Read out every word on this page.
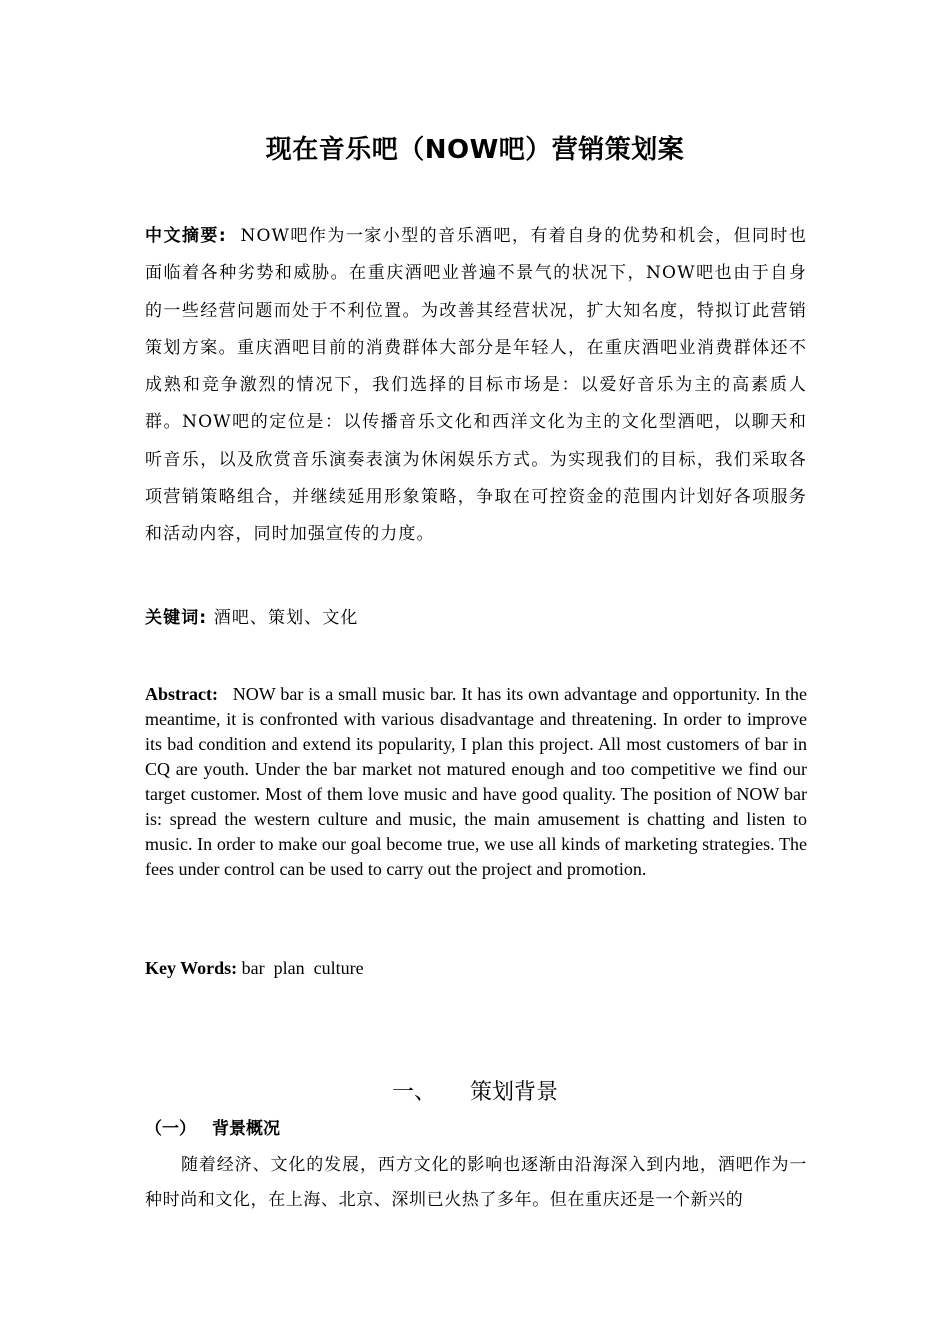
现在音乐吧（NOW吧）营销策划案
中文摘要: NOW吧作为一家小型的音乐酒吧，有着自身的优势和机会，但同时也面临着各种劣势和威胁。在重庆酒吧业普遍不景气的状况下，NOW吧也由于自身的一些经营问题而处于不利位置。为改善其经营状况，扩大知名度，特拟订此营销策划方案。重庆酒吧目前的消费群体大部分是年轻人，在重庆酒吧业消费群体还不成熟和竞争激烈的情况下，我们选择的目标市场是：以爱好音乐为主的高素质人群。NOW吧的定位是：以传播音乐文化和西洋文化为主的文化型酒吧，以聊天和听音乐，以及欣赏音乐演奏表演为休闲娱乐方式。为实现我们的目标，我们采取各项营销策略组合，并继续延用形象策略，争取在可控资金的范围内计划好各项服务和活动内容，同时加强宣传的力度。
关键词: 酒吧、策划、文化
Abstract: NOW bar is a small music bar. It has its own advantage and opportunity. In the meantime, it is confronted with various disadvantage and threatening. In order to improve its bad condition and extend its popularity, I plan this project. All most customers of bar in CQ are youth. Under the bar market not matured enough and too competitive we find our target customer. Most of them love music and have good quality. The position of NOW bar is: spread the western culture and music, the main amusement is chatting and listen to music. In order to make our goal become true, we use all kinds of marketing strategies. The fees under control can be used to carry out the project and promotion.
Key Words: bar  plan  culture
一、 策划背景
（一） 背景概况
随着经济、文化的发展，西方文化的影响也逐渐由沿海深入到内地，酒吧作为一种时尚和文化，在上海、北京、深圳已火热了多年。但在重庆还是一个新兴的
